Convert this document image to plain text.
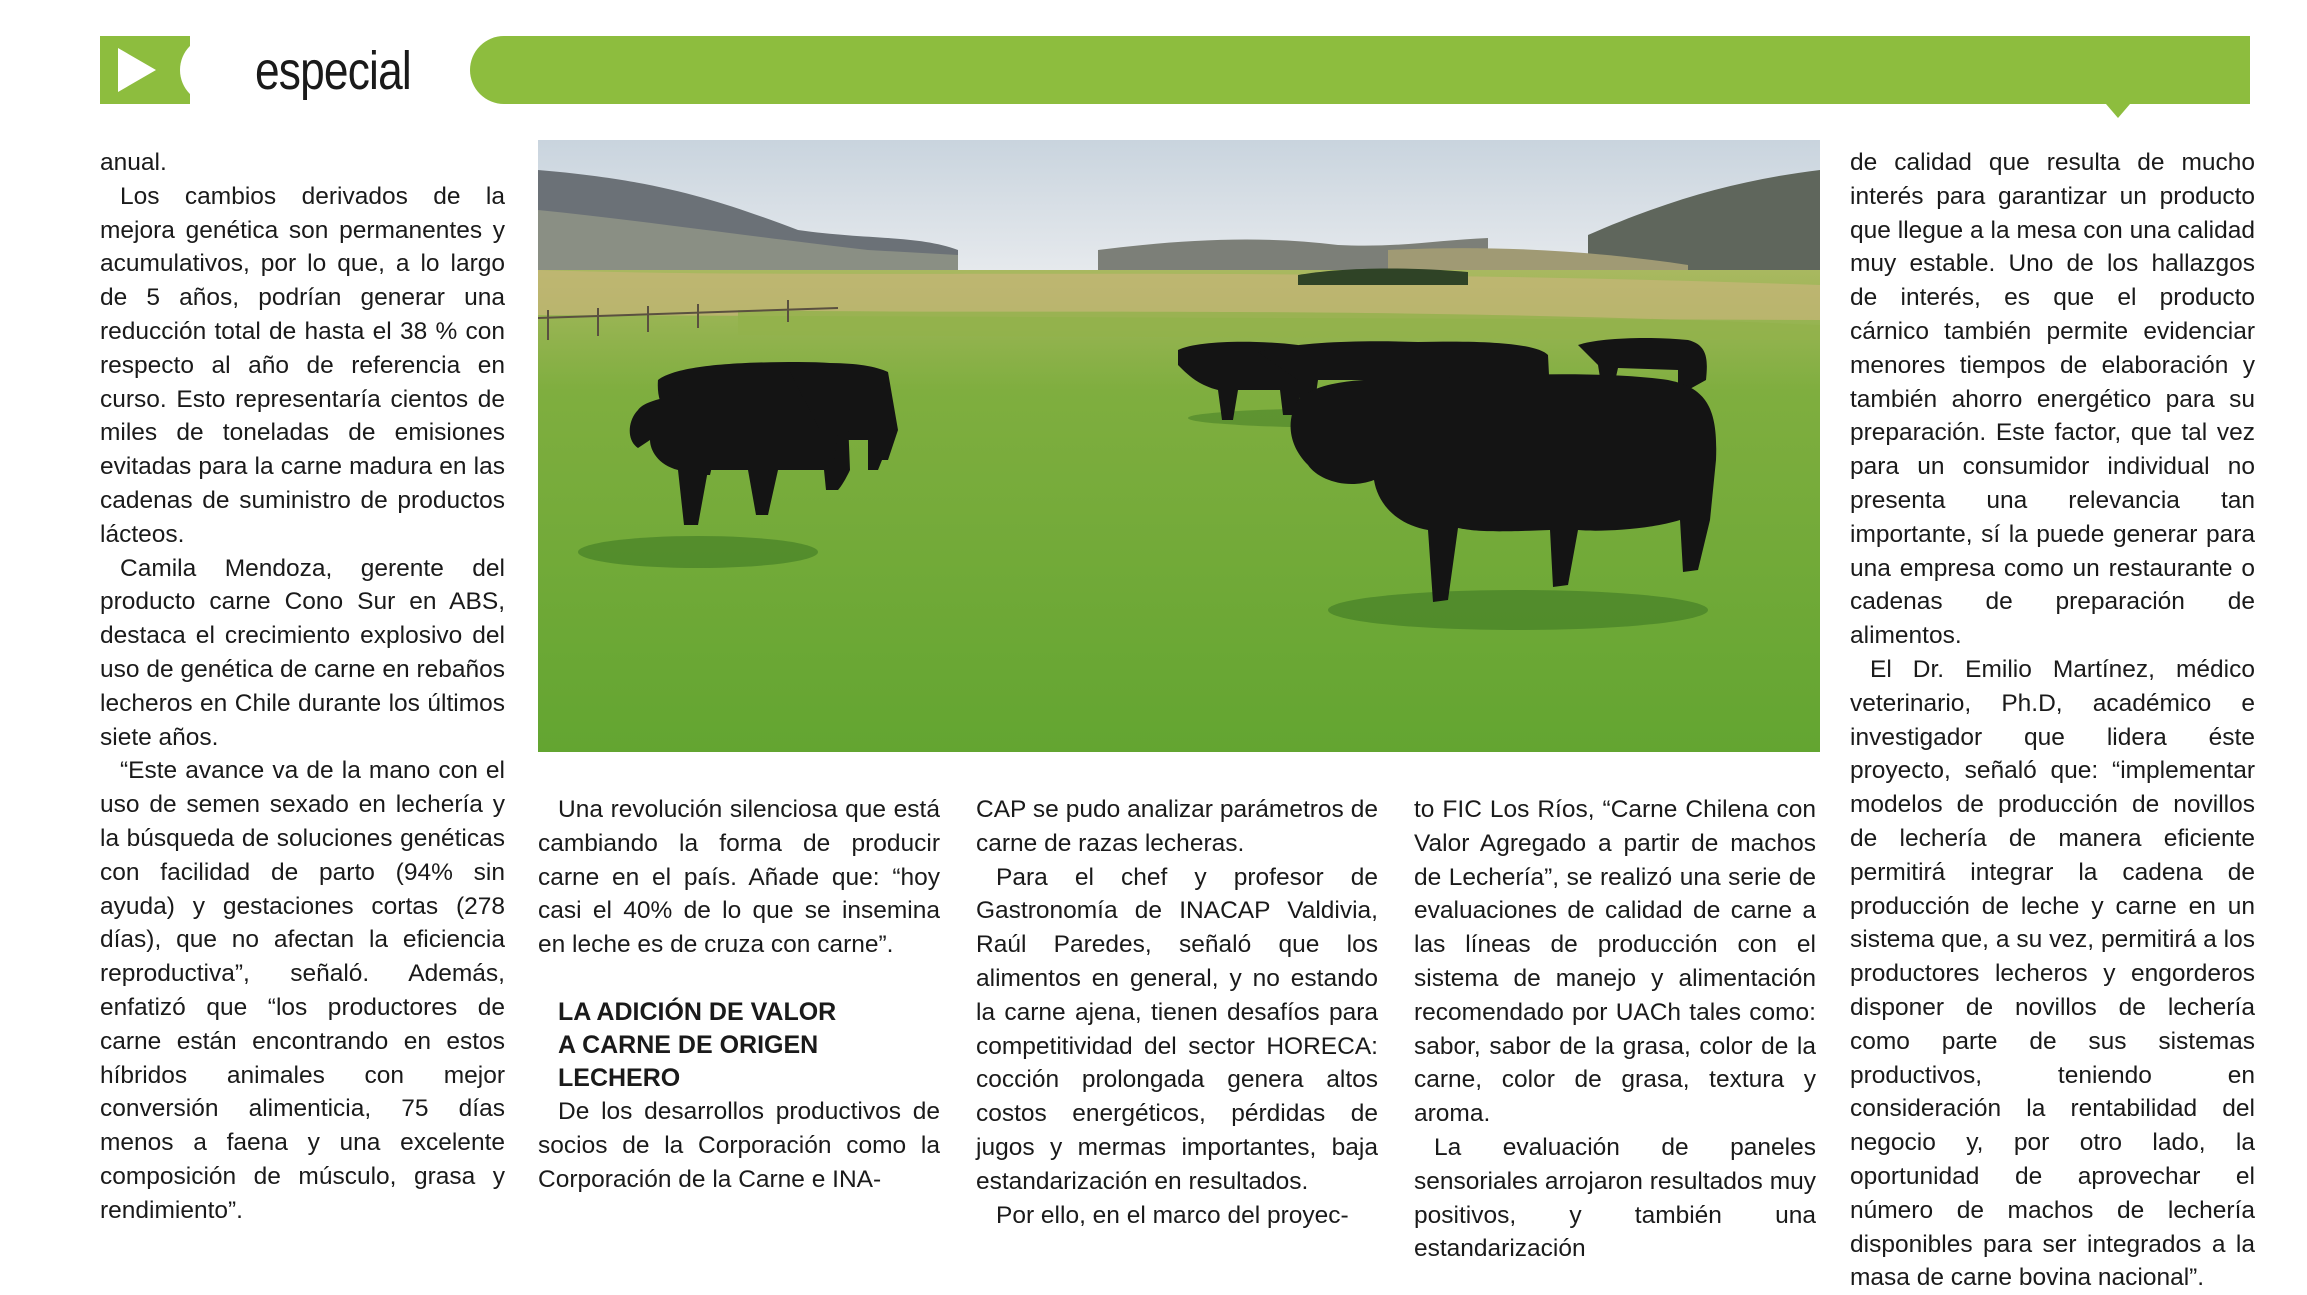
especial

anual.

Los cambios derivados de la mejora genética son permanentes y acumulativos, por lo que, a lo largo de 5 años, podrían generar una reducción total de hasta el 38 % con respecto al año de referencia en curso. Esto representaría cientos de miles de toneladas de emisiones evitadas para la carne madura en las cadenas de suministro de productos lácteos.

Camila Mendoza, gerente del producto carne Cono Sur en ABS, destaca el crecimiento explosivo del uso de genética de carne en rebaños lecheros en Chile durante los últimos siete años.

“Este avance va de la mano con el uso de semen sexado en lechería y la búsqueda de soluciones genéticas con facilidad de parto (94% sin ayuda) y gestaciones cortas (278 días), que no afectan la eficiencia reproductiva”, señaló. Además, enfatizó que “los productores de carne están encontrando en estos híbridos animales con mejor conversión alimenticia, 75 días menos a faena y una excelente composición de músculo, grasa y rendimiento”.

Una revolución silenciosa que está cambiando la forma de producir carne en el país. Añade que: “hoy casi el 40% de lo que se insemina en leche es de cruza con carne”.

LA ADICIÓN DE VALOR
A CARNE DE ORIGEN
LECHERO

De los desarrollos productivos de socios de la Corporación como la Corporación de la Carne e INA-

CAP se pudo analizar parámetros de carne de razas lecheras.

Para el chef y profesor de Gastronomía de INACAP Valdivia, Raúl Paredes, señaló que los alimentos en general, y no estando la carne ajena, tienen desafíos para competitividad del sector HORECA: cocción prolongada genera altos costos energéticos, pérdidas de jugos y mermas importantes, baja estandarización en resultados.

Por ello, en el marco del proyec-

to FIC Los Ríos, “Carne Chilena con Valor Agregado a partir de machos de Lechería”, se realizó una serie de evaluaciones de calidad de carne a las líneas de producción con el sistema de manejo y alimentación recomendado por UACh tales como: sabor, sabor de la grasa, color de la carne, color de grasa, textura y aroma.

La evaluación de paneles sensoriales arrojaron resultados muy positivos, y también una estandarización

de calidad que resulta de mucho interés para garantizar un producto que llegue a la mesa con una calidad muy estable. Uno de los hallazgos de interés, es que el producto cárnico también permite evidenciar menores tiempos de elaboración y también ahorro energético para su preparación. Este factor, que tal vez para un consumidor individual no presenta una relevancia tan importante, sí la puede generar para una empresa como un restaurante o cadenas de preparación de alimentos.

El Dr. Emilio Martínez, médico veterinario, Ph.D, académico e investigador que lidera éste proyecto, señaló que: “implementar modelos de producción de novillos de lechería de manera eficiente permitirá integrar la cadena de producción de leche y carne en un sistema que, a su vez, permitirá a los productores lecheros y engorderos disponer de novillos de lechería como parte de sus sistemas productivos, teniendo en consideración la rentabilidad del negocio y, por otro lado, la oportunidad de aprovechar el número de machos de lechería disponibles para ser integrados a la masa de carne bovina nacional”.
